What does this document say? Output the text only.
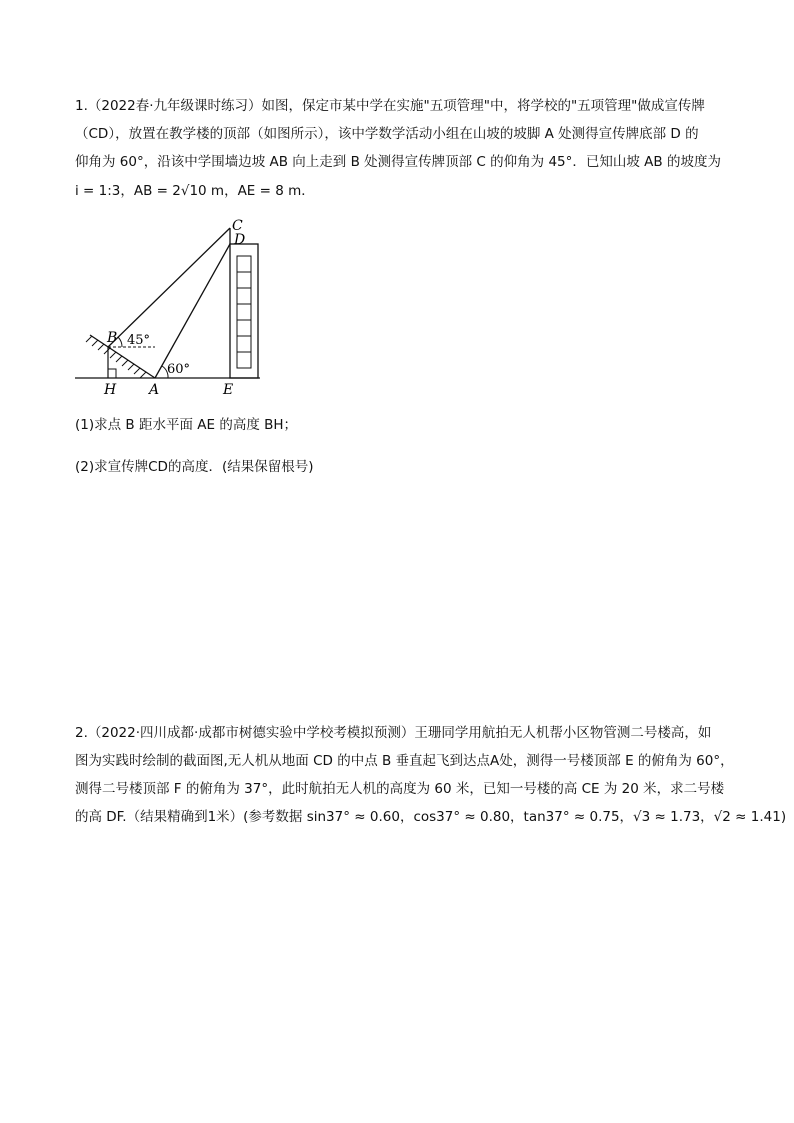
1.（2022春·九年级课时练习）如图，保定市某中学在实施"五项管理"中，将学校的"五项管理"做成宣传牌
（CD），放置在教学楼的顶部（如图所示），该中学数学活动小组在山坡的坡脚 A 处测得宣传牌底部 D 的
仰角为 60°，沿该中学围墙边坡 AB 向上走到 B 处测得宣传牌顶部 C 的仰角为 45°．已知山坡 AB 的坡度为
i = 1:3，AB = 2√10 m，AE = 8 m．
C
D
B 45°
60°
H A	E
(1)求点 B 距水平面 AE 的高度 BH；
(2)求宣传牌CD的高度．(结果保留根号)
2.（2022·四川成都·成都市树德实验中学校考模拟预测）王珊同学用航拍无人机帮小区物管测二号楼高，如
图为实践时绘制的截面图,无人机从地面 CD 的中点 B 垂直起飞到达点A处，测得一号楼顶部 E 的俯角为 60°，
测得二号楼顶部 F 的俯角为 37°，此时航拍无人机的高度为 60 米，已知一号楼的高 CE 为 20 米，求二号楼
的高 DF.（结果精确到1米）(参考数据 sin37° ≈ 0.60，cos37° ≈ 0.80，tan37° ≈ 0.75，√3 ≈ 1.73，√2 ≈ 1.41)
